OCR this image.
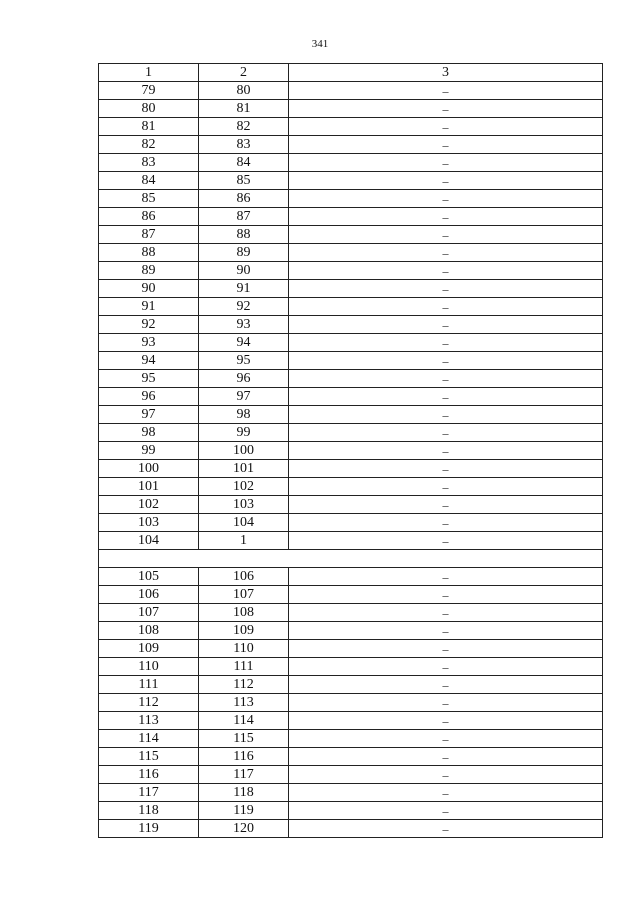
341
1	2	3
79	80	–
80	81	–
81	82	–
82	83	–
83	84	–
84	85	–
85	86	–
86	87	–
87	88	–
88	89	–
89	90	–
90	91	–
91	92	–
92	93	–
93	94	–
94	95	–
95	96	–
96	97	–
97	98	–
98	99	–
99	100	–
100	101	–
101	102	–
102	103	–
103	104	–
104	1	–

105	106	–
106	107	–
107	108	–
108	109	–
109	110	–
110	111	–
111	112	–
112	113	–
113	114	–
114	115	–
115	116	–
116	117	–
117	118	–
118	119	–
119	120	–
